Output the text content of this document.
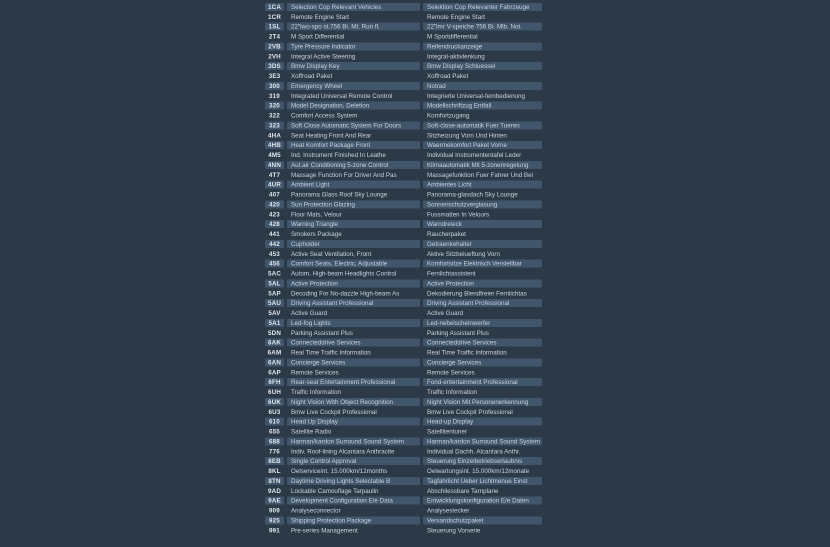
1CA Selection Cop Relevant Vehicles	Selektion Cop Relevanter Fahrzeuge
1CR Remote Engine Start	Remote Engine Start
1SL 22"lwo-spo st.756 Bi. Mt. Run fl.	22"lmr V-speiche 756 Bi. Mlb. Not.
2T4 M Sport Differential	M Sportdifferential
2VB Tyre Pressure Indicator	Reifendruckanzeige
2VH Integral Active Steering	Integral-aktivlenkung
3DS Bmw Display Key	Bmw Display Schluessel
3E3 Xoffroad Paket	Xoffroad Paket
300 Emergency Wheel	Notrad
319 Integrated Universal Remote Control	Integrierte Universal-fernbedienung
320 Model Designation, Deletion	Modellschriftzug Entfall
322 Comfort Access System	Komfortzugang
323 Soft Close Automatic System For Doors	Soft-close-automatik Fuer Tueren
4HA Seat Heating Front And Rear	Sitzheizung Vorn Und Hinten
4HB Heat Komfort Package Front	Waermekomfort Paket Vorne
4M5 Ind. Instrument Finished In Leathe	Individual Instrumententafel Leder
4NN Aut.air Conditioning 5-zone Control	Klimaautomatik Mit 5-zonenregelung
4T7 Massage Function For Driver And Pas	Massagefunktion Fuer Fahrer Und Bei
4UR Ambient Light	Ambientes Licht
407 Panorama Glass Roof Sky Lounge	Panorama-glasdach Sky Lounge
420 Sun Protection Glazing	Sonnenschutzverglasung
423 Floor Mats, Velour	Fussmatten In Velours
428 Warning Triangle	Warndreieck
441 Smokers Package	Raucherpaket
442 Cupholder	Getraenkehalter
453 Active Seat Ventilation, Front	Aktive Sitzbelueftung Vorn
456 Comfort Seats, Electric, Adjustable	Komfortsitze Elektrisch Verstellbar
5AC Autom. High-beam Headlights Control	Fernlichtassistent
5AL Active Protection	Active Protection
5AP Decoding For No-dazzle High-beam As	Dekodierung Blendfreier Fernlichtas
5AU Driving Assistant Professional	Driving Assistant Professional
5AV Active Guard	Active Guard
5A1 Led-fog Lights	Led-nebelscheinwerfer
5DN Parking Assistant Plus	Parking Assistant Plus
6AK Connecteddrive Services	Connecteddrive Services
6AM Real Time Traffic Information	Real Time Traffic Information
6AN Concierge Services	Concierge Services
6AP Remote Services	Remote Services
6FH Rear-seat Entertainment Professional	Fond-entertainment Professional
6UH Traffic Information	Traffic Information
6UK Night Vision With Object Recognition	Night Vision Mit Personenerkennung
6U3 Bmw Live Cockpit Professional	Bmw Live Cockpit Professional
610 Head Up Display	Head-up Display
655 Satellite Radio	Satellitentuner
688 Harman/kardon Surround Sound System	Harman/kardon Surround Sound System
776 Indiv. Roof-lining Alcantara Anthracite	Individual Dachh. Alcantara Anthr.
8EB Single Control Approval	Steuerung Einzelbetriebserlaubnis
8KL Oelserviceint. 15.000km/12months	Oelwartungsint. 15.000km/12monate
8TN Daytime Driving Lights Selectable B	Tagfahrlicht Ueber Lichtmenue Einst
9AD Lockable Camouflage Tarpaulin	Abschliessbare Tarnplane
9AE Development Configuration E/e Data	Entwicklungskonfiguration E/e Daten
909 Analyseconnector	Analysestecker
925 Shipping Protection Package	Versandschutzpaket
991 Pre-series Management	Steuerung Vorserie
